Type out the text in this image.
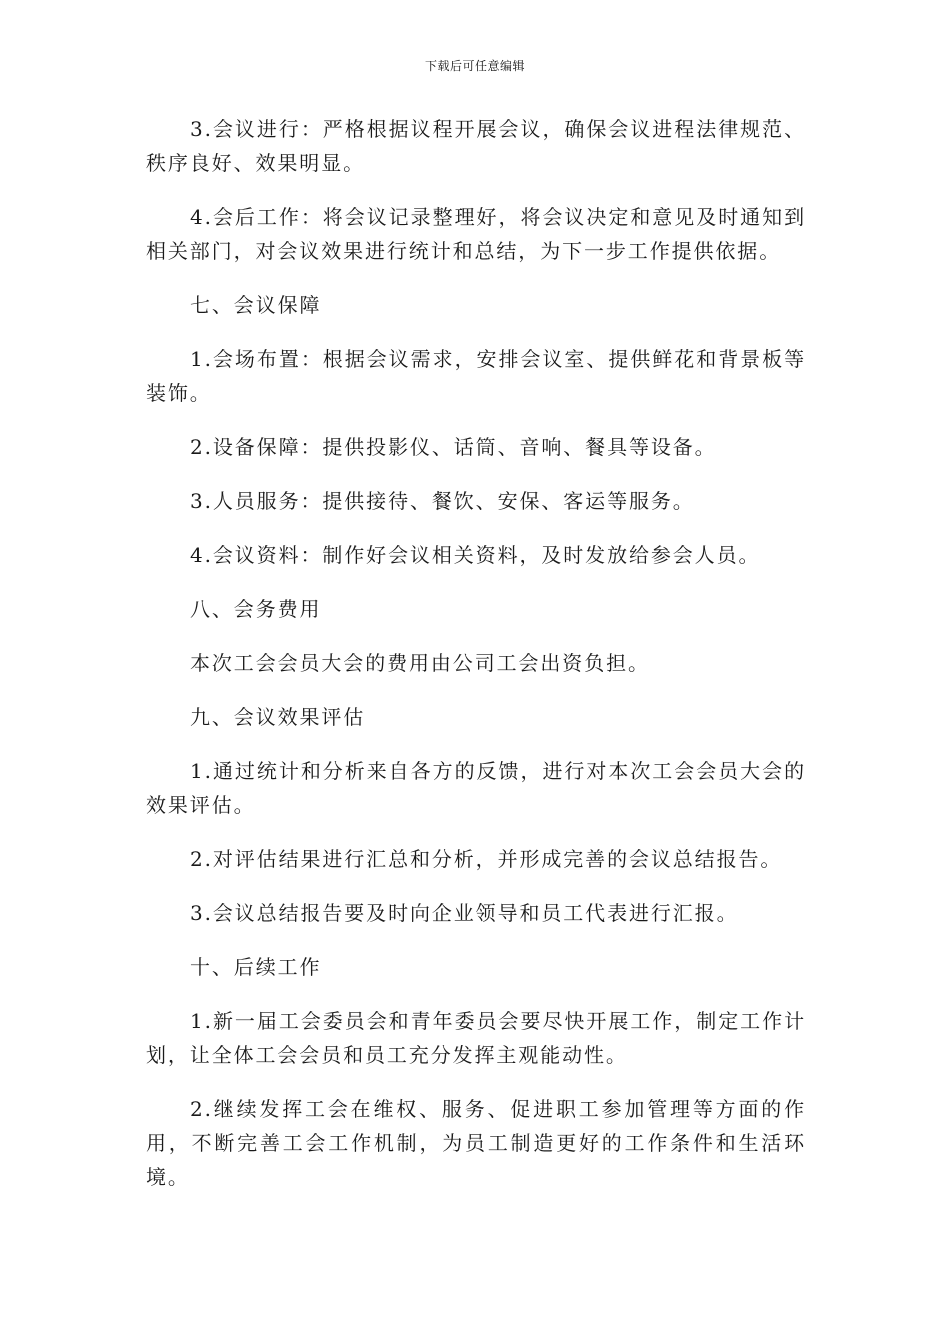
下载后可任意编辑

3.会议进行：严格根据议程开展会议，确保会议进程法律规范、秩序良好、效果明显。

4.会后工作：将会议记录整理好，将会议决定和意见及时通知到相关部门，对会议效果进行统计和总结，为下一步工作提供依据。

七、会议保障

1.会场布置：根据会议需求，安排会议室、提供鲜花和背景板等装饰。

2.设备保障：提供投影仪、话筒、音响、餐具等设备。

3.人员服务：提供接待、餐饮、安保、客运等服务。

4.会议资料：制作好会议相关资料，及时发放给参会人员。

八、会务费用

本次工会会员大会的费用由公司工会出资负担。

九、会议效果评估

1.通过统计和分析来自各方的反馈，进行对本次工会会员大会的效果评估。

2.对评估结果进行汇总和分析，并形成完善的会议总结报告。

3.会议总结报告要及时向企业领导和员工代表进行汇报。

十、后续工作

1.新一届工会委员会和青年委员会要尽快开展工作，制定工作计划，让全体工会会员和员工充分发挥主观能动性。

2.继续发挥工会在维权、服务、促进职工参加管理等方面的作用，不断完善工会工作机制，为员工制造更好的工作条件和生活环境。
